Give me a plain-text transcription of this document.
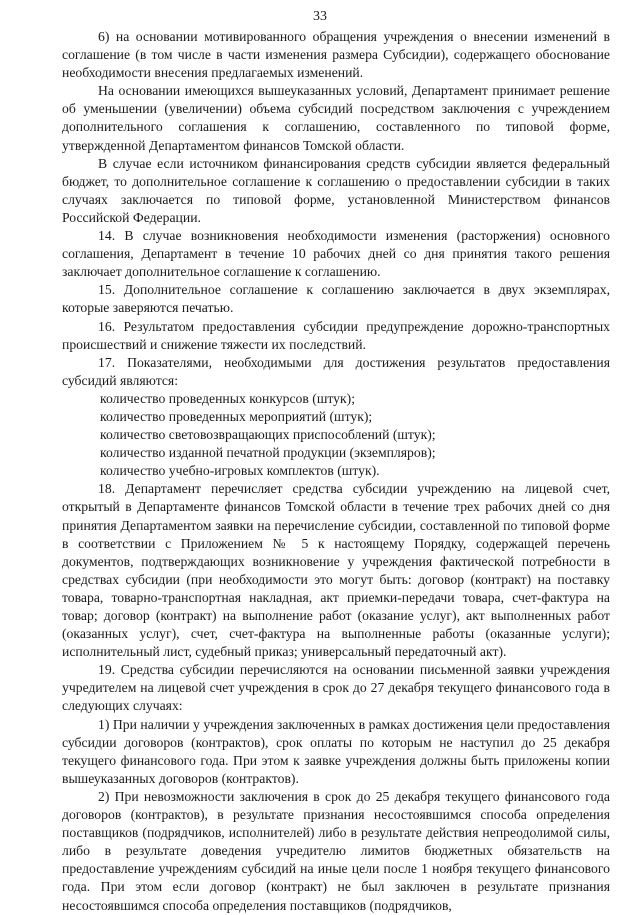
33

6) на основании мотивированного обращения учреждения о внесении изменений в соглашение (в том числе в части изменения размера Субсидии), содержащего обоснование необходимости внесения предлагаемых изменений.

На основании имеющихся вышеуказанных условий, Департамент принимает решение об уменьшении (увеличении) объема субсидий посредством заключения с учреждением дополнительного соглашения к соглашению, составленного по типовой форме, утвержденной Департаментом финансов Томской области.

В случае если источником финансирования средств субсидии является федеральный бюджет, то дополнительное соглашение к соглашению о предоставлении субсидии в таких случаях заключается по типовой форме, установленной Министерством финансов Российской Федерации.

14. В случае возникновения необходимости изменения (расторжения) основного соглашения, Департамент в течение 10 рабочих дней со дня принятия такого решения заключает дополнительное соглашение к соглашению.

15. Дополнительное соглашение к соглашению заключается в двух экземплярах, которые заверяются печатью.

16. Результатом предоставления субсидии предупреждение дорожно-транспортных происшествий и снижение тяжести их последствий.

17. Показателями, необходимыми для достижения результатов предоставления субсидий являются:

количество проведенных конкурсов (штук);

количество проведенных мероприятий (штук);

количество световозвращающих приспособлений (штук);

количество изданной печатной продукции (экземпляров);

количество учебно-игровых комплектов (штук).

18. Департамент перечисляет средства субсидии учреждению на лицевой счет, открытый в Департаменте финансов Томской области в течение трех рабочих дней со дня принятия Департаментом заявки на перечисление субсидии, составленной по типовой форме в соответствии с Приложением № 5 к настоящему Порядку, содержащей перечень документов, подтверждающих возникновение у учреждения фактической потребности в средствах субсидии (при необходимости это могут быть: договор (контракт) на поставку товара, товарно-транспортная накладная, акт приемки-передачи товара, счет-фактура на товар; договор (контракт) на выполнение работ (оказание услуг), акт выполненных работ (оказанных услуг), счет, счет-фактура на выполненные работы (оказанные услуги); исполнительный лист, судебный приказ; универсальный передаточный акт).

19. Средства субсидии перечисляются на основании письменной заявки учреждения учредителем на лицевой счет учреждения в срок до 27 декабря текущего финансового года в следующих случаях:

1) При наличии у учреждения заключенных в рамках достижения цели предоставления субсидии договоров (контрактов), срок оплаты по которым не наступил до 25 декабря текущего финансового года. При этом к заявке учреждения должны быть приложены копии вышеуказанных договоров (контрактов).

2) При невозможности заключения в срок до 25 декабря текущего финансового года договоров (контрактов), в результате признания несостоявшимся способа определения поставщиков (подрядчиков, исполнителей) либо в результате действия непреодолимой силы, либо в результате доведения учредителю лимитов бюджетных обязательств на предоставление учреждениям субсидий на иные цели после 1 ноября текущего финансового года. При этом если договор (контракт) не был заключен в результате признания несостоявшимся способа определения поставщиков (подрядчиков,
